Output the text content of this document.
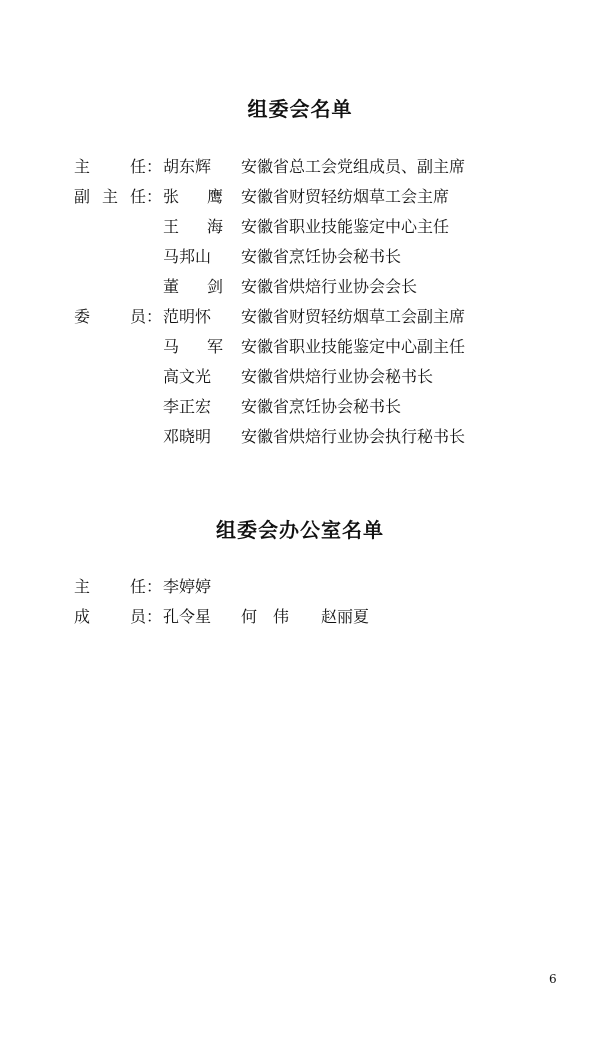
组委会名单
主 任： 胡东辉 安徽省总工会党组成员、副主席
副 主 任： 张 鹰 安徽省财贸轻纺烟草工会主席
王 海 安徽省职业技能鉴定中心主任
马邦山 安徽省烹饪协会秘书长
董 剑 安徽省烘焙行业协会会长
委 员： 范明怀 安徽省财贸轻纺烟草工会副主席
马 军 安徽省职业技能鉴定中心副主任
高文光 安徽省烘焙行业协会秘书长
李正宏 安徽省烹饪协会秘书长
邓晓明 安徽省烘焙行业协会执行秘书长
组委会办公室名单
主 任： 李婷婷
成 员： 孔令星 何　伟 赵丽夏
6
